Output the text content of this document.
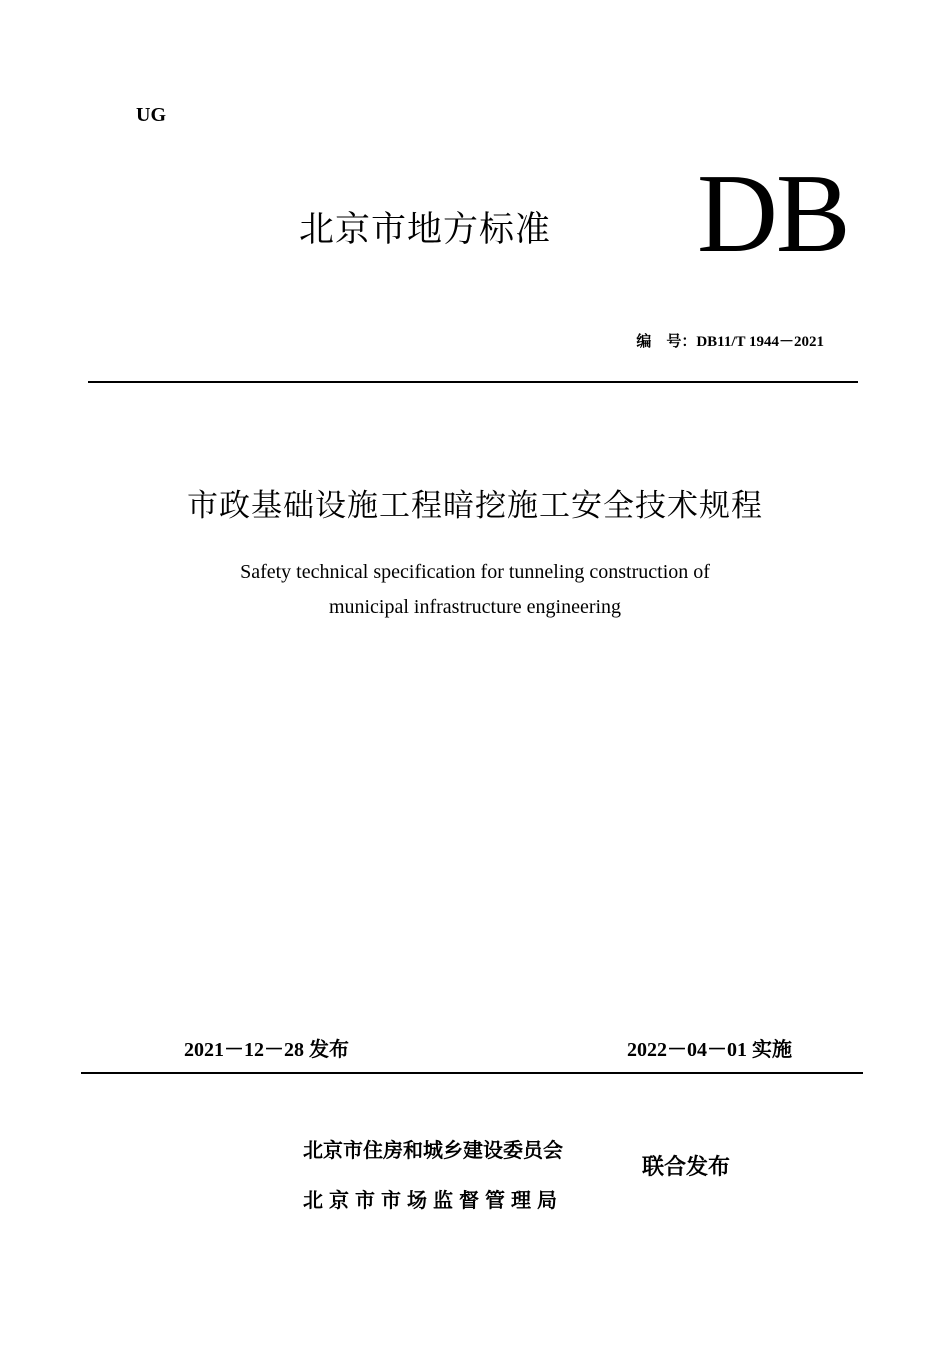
UG
北京市地方标准 DB
编　号：DB11/T 1944－2021
市政基础设施工程暗挖施工安全技术规程
Safety technical specification for tunneling construction of
municipal infrastructure engineering
2021－12－28 发布	2022－04－01 实施
北京市住房和城乡建设委员会
北京市市场监督管理局
联合发布
